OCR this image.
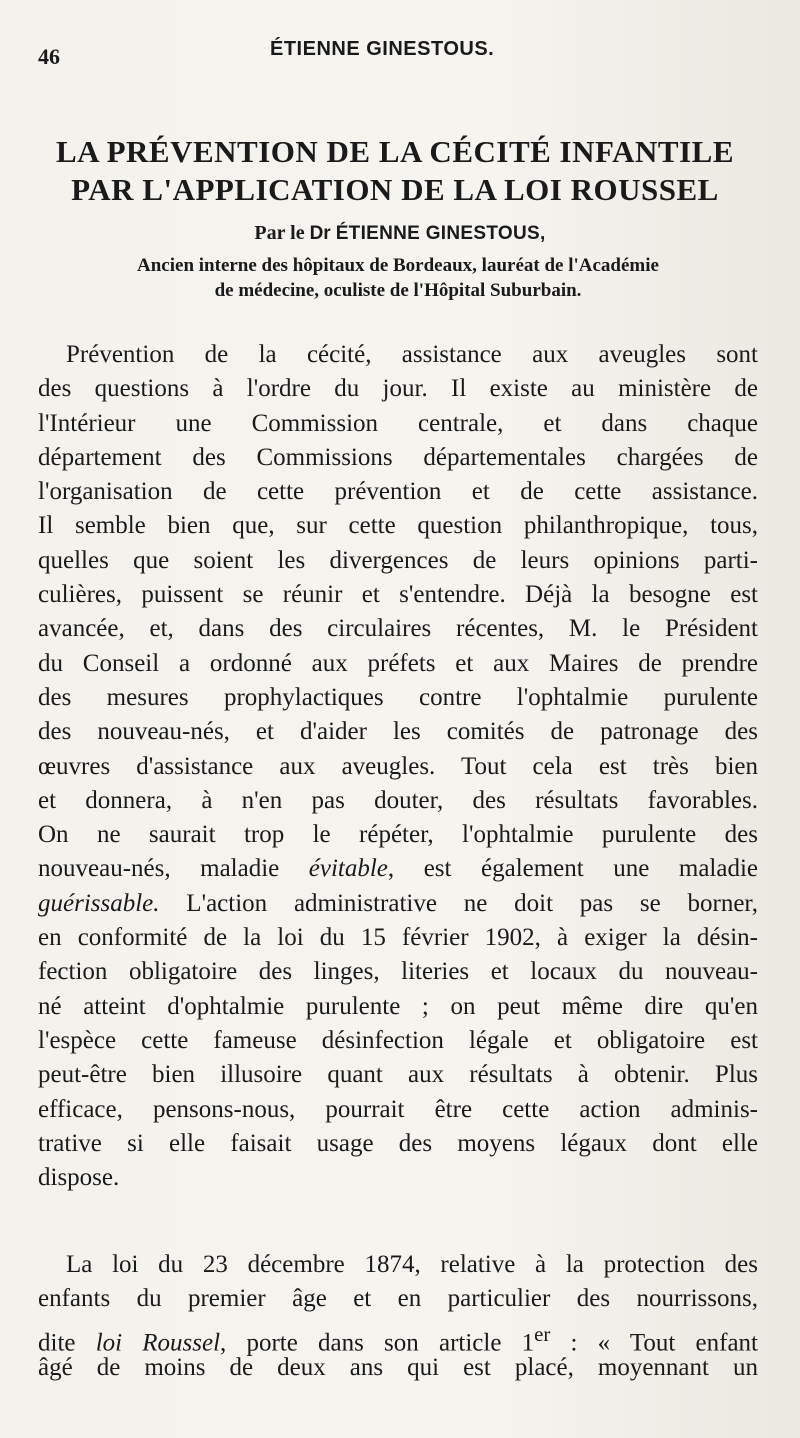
46	ÉTIENNE GINESTOUS.
LA PRÉVENTION DE LA CÉCITÉ INFANTILE
PAR L'APPLICATION DE LA LOI ROUSSEL
Par le Dr ÉTIENNE GINESTOUS,
Ancien interne des hôpitaux de Bordeaux, lauréat de l'Académie
de médecine, oculiste de l'Hôpital Suburbain.
Prévention de la cécité, assistance aux aveugles sont
des questions à l'ordre du jour. Il existe au ministère de
l'Intérieur une Commission centrale, et dans chaque
département des Commissions départementales chargées de
l'organisation de cette prévention et de cette assistance.
Il semble bien que, sur cette question philanthropique, tous,
quelles que soient les divergences de leurs opinions parti-
culières, puissent se réunir et s'entendre. Déjà la besogne est
avancée, et, dans des circulaires récentes, M. le Président
du Conseil a ordonné aux préfets et aux Maires de prendre
des mesures prophylactiques contre l'ophtalmie purulente
des nouveau-nés, et d'aider les comités de patronage des
œuvres d'assistance aux aveugles. Tout cela est très bien
et donnera, à n'en pas douter, des résultats favorables.
On ne saurait trop le répéter, l'ophtalmie purulente des
nouveau-nés, maladie évitable, est également une maladie
guérissable. L'action administrative ne doit pas se borner,
en conformité de la loi du 15 février 1902, à exiger la désin-
fection obligatoire des linges, literies et locaux du nouveau-
né atteint d'ophtalmie purulente ; on peut même dire qu'en
l'espèce cette fameuse désinfection légale et obligatoire est
peut-être bien illusoire quant aux résultats à obtenir. Plus
efficace, pensons-nous, pourrait être cette action adminis-
trative si elle faisait usage des moyens légaux dont elle
dispose.
La loi du 23 décembre 1874, relative à la protection des
enfants du premier âge et en particulier des nourrissons,
dite loi Roussel, porte dans son article 1er : « Tout enfant
âgé de moins de deux ans qui est placé, moyennant un
